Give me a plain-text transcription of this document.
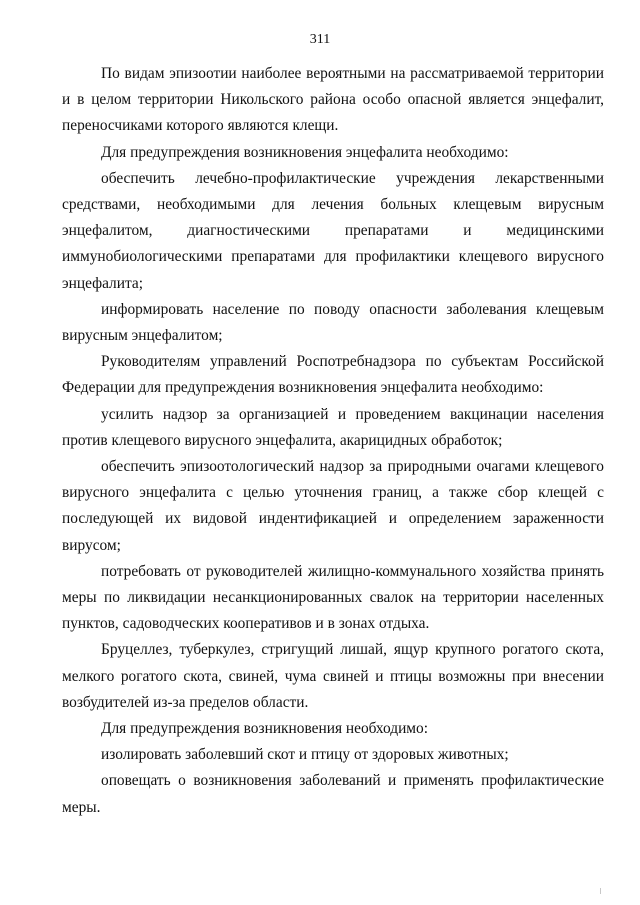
311

По видам эпизоотии наиболее вероятными на рассматриваемой территории и в целом территории Никольского района особо опасной является энцефалит, переносчиками которого являются клещи.

Для предупреждения возникновения энцефалита необходимо:

обеспечить лечебно-профилактические учреждения лекарственными средствами, необходимыми для лечения больных клещевым вирусным энцефалитом, диагностическими препаратами и медицинскими иммунобиологическими препаратами для профилактики клещевого вирусного энцефалита;

информировать население по поводу опасности заболевания клещевым вирусным энцефалитом;

Руководителям управлений Роспотребнадзора по субъектам Российской Федерации для предупреждения возникновения энцефалита необходимо:

усилить надзор за организацией и проведением вакцинации населения против клещевого вирусного энцефалита, акарицидных обработок;

обеспечить эпизоотологический надзор за природными очагами клещевого вирусного энцефалита с целью уточнения границ, а также сбор клещей с последующей их видовой индентификацией и определением зараженности вирусом;

потребовать от руководителей жилищно-коммунального хозяйства принять меры по ликвидации несанкционированных свалок на территории населенных пунктов, садоводческих кооперативов и в зонах отдыха.

Бруцеллез, туберкулез, стригущий лишай, ящур крупного рогатого скота, мелкого рогатого скота, свиней, чума свиней и птицы возможны при внесении возбудителей из-за пределов области.

Для предупреждения возникновения необходимо:

изолировать заболевший скот и птицу от здоровых животных;

оповещать о возникновения заболеваний и применять профилактические меры.
